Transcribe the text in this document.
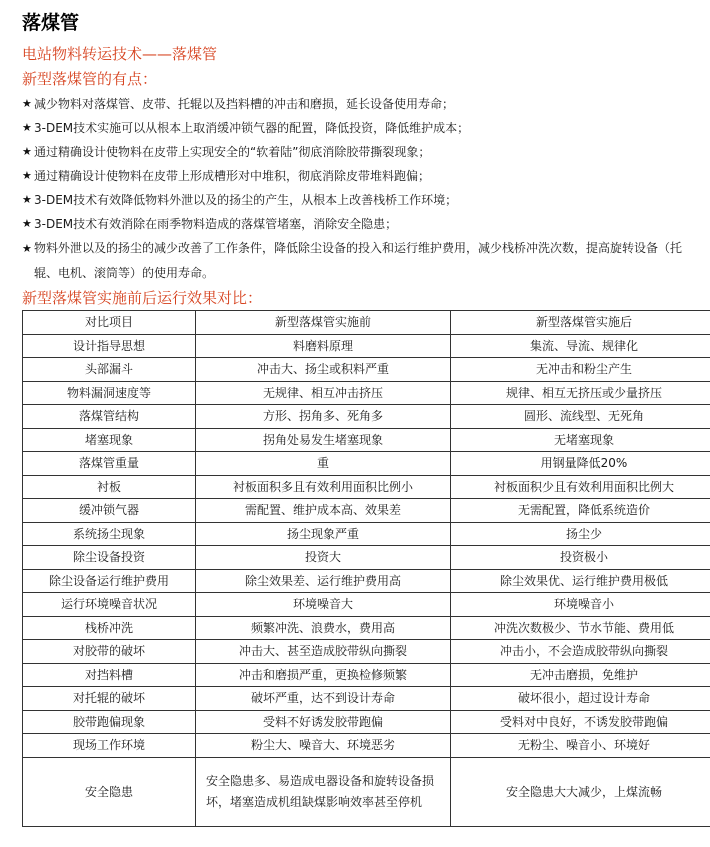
落煤管
电站物料转运技术——落煤管
新型落煤管的有点：
★ 减少物料对落煤管、皮带、托辊以及挡料槽的冲击和磨损，延长设备使用寿命；
★ 3-DEM技术实施可以从根本上取消缓冲锁气器的配置，降低投资，降低维护成本；
★ 通过精确设计使物料在皮带上实现安全的“软着陆”彻底消除胶带撕裂现象；
★ 通过精确设计使物料在皮带上形成槽形对中堆积，彻底消除皮带堆料跑偏；
★ 3-DEM技术有效降低物料外泄以及的扬尘的产生，从根本上改善栈桥工作环境；
★ 3-DEM技术有效消除在雨季物料造成的落煤管堵塞，消除安全隐患；
★ 物料外泄以及的扬尘的减少改善了工作条件，降低除尘设备的投入和运行维护费用，减少栈桥冲洗次数，提高旋转设备（托辊、电机、滚筒等）的使用寿命。
新型落煤管实施前后运行效果对比：
对比项目	新型落煤管实施前	新型落煤管实施后
设计指导思想	料磨料原理	集流、导流、规律化
头部漏斗	冲击大、扬尘或积料严重	无冲击和粉尘产生
物料漏洞速度等	无规律、相互冲击挤压	规律、相互无挤压或少量挤压
落煤管结构	方形、拐角多、死角多	圆形、流线型、无死角
堵塞现象	拐角处易发生堵塞现象	无堵塞现象
落煤管重量	重	用钢量降低20%
衬板	衬板面积多且有效利用面积比例小	衬板面积少且有效利用面积比例大
缓冲锁气器	需配置、维护成本高、效果差	无需配置，降低系统造价
系统扬尘现象	扬尘现象严重	扬尘少
除尘设备投资	投资大	投资极小
除尘设备运行维护费用	除尘效果差、运行维护费用高	除尘效果优、运行维护费用极低
运行环境噪音状况	环境噪音大	环境噪音小
栈桥冲洗	频繁冲洗、浪费水，费用高	冲洗次数极少、节水节能、费用低
对胶带的破坏	冲击大、甚至造成胶带纵向撕裂	冲击小，不会造成胶带纵向撕裂
对挡料槽	冲击和磨损严重，更换检修频繁	无冲击磨损，免维护
对托辊的破坏	破坏严重，达不到设计寿命	破坏很小，超过设计寿命
胶带跑偏现象	受料不好诱发胶带跑偏	受料对中良好，不诱发胶带跑偏
现场工作环境	粉尘大、噪音大、环境恶劣	无粉尘、噪音小、环境好
安全隐患	安全隐患多、易造成电器设备和旋转设备损坏，堵塞造成机组缺煤影响效率甚至停机	安全隐患大大减少，上煤流畅
